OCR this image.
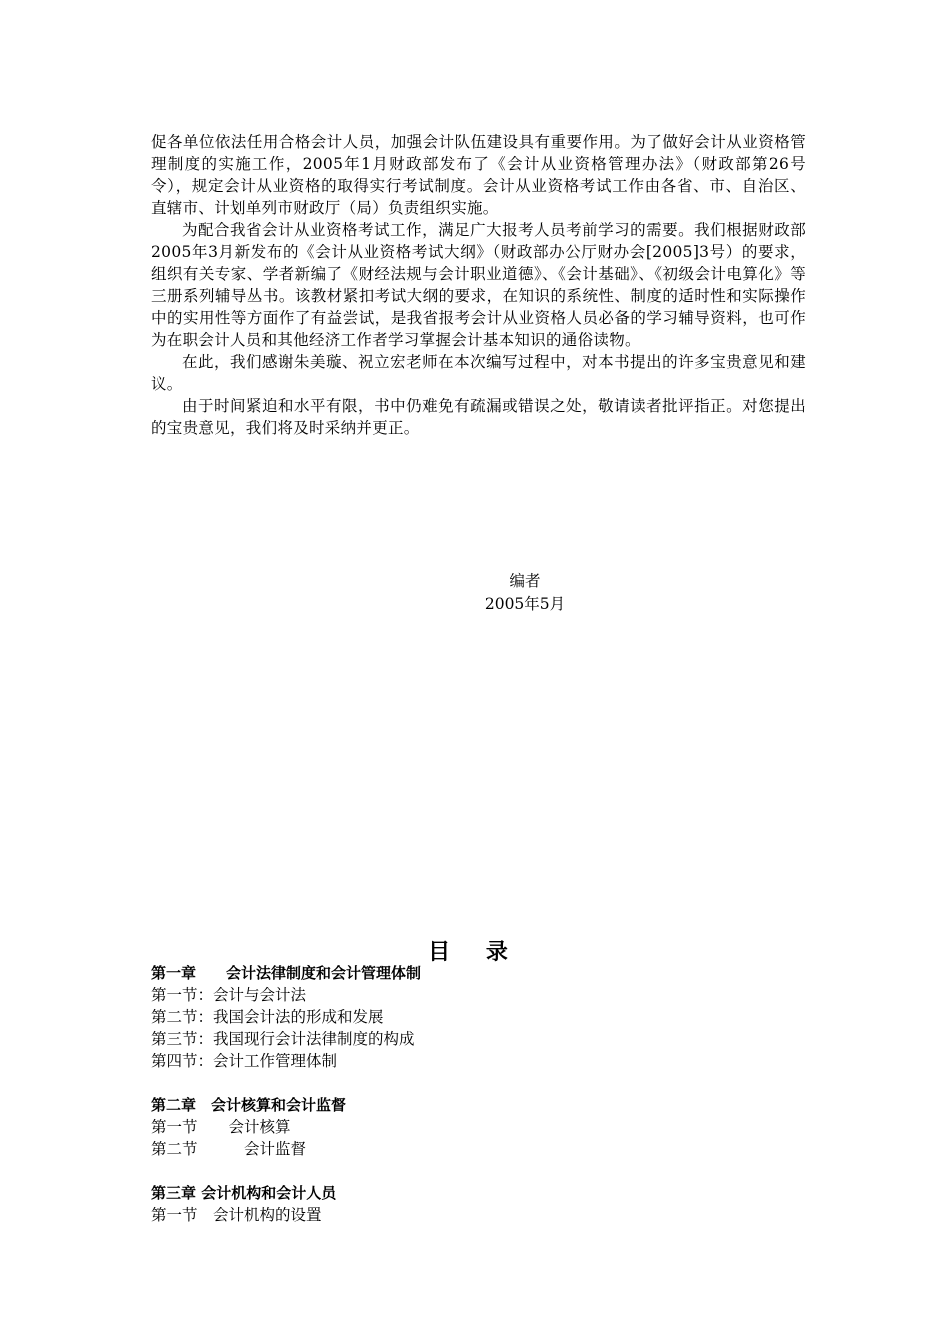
促各单位依法任用合格会计人员，加强会计队伍建设具有重要作用。为了做好会计从业资格管理制度的实施工作，2005年1月财政部发布了《会计从业资格管理办法》（财政部第26号令），规定会计从业资格的取得实行考试制度。会计从业资格考试工作由各省、市、自治区、直辖市、计划单列市财政厅（局）负责组织实施。

为配合我省会计从业资格考试工作，满足广大报考人员考前学习的需要。我们根据财政部2005年3月新发布的《会计从业资格考试大纲》（财政部办公厅财办会[2005]3号）的要求，组织有关专家、学者新编了《财经法规与会计职业道德》、《会计基础》、《初级会计电算化》等三册系列辅导丛书。该教材紧扣考试大纲的要求，在知识的系统性、制度的适时性和实际操作中的实用性等方面作了有益尝试，是我省报考会计从业资格人员必备的学习辅导资料，也可作为在职会计人员和其他经济工作者学习掌握会计基本知识的通俗读物。

在此，我们感谢朱美璇、祝立宏老师在本次编写过程中，对本书提出的许多宝贵意见和建议。

由于时间紧迫和水平有限，书中仍难免有疏漏或错误之处，敬请读者批评指正。对您提出的宝贵意见，我们将及时采纳并更正。

编者
2005年5月
目 录
第一章　　会计法律制度和会计管理体制
第一节：会计与会计法
第二节：我国会计法的形成和发展
第三节：我国现行会计法律制度的构成
第四节：会计工作管理体制
第二章　会计核算和会计监督
第一节　　会计核算
第二节　　　会计监督
第三章 会计机构和会计人员
第一节　会计机构的设置
